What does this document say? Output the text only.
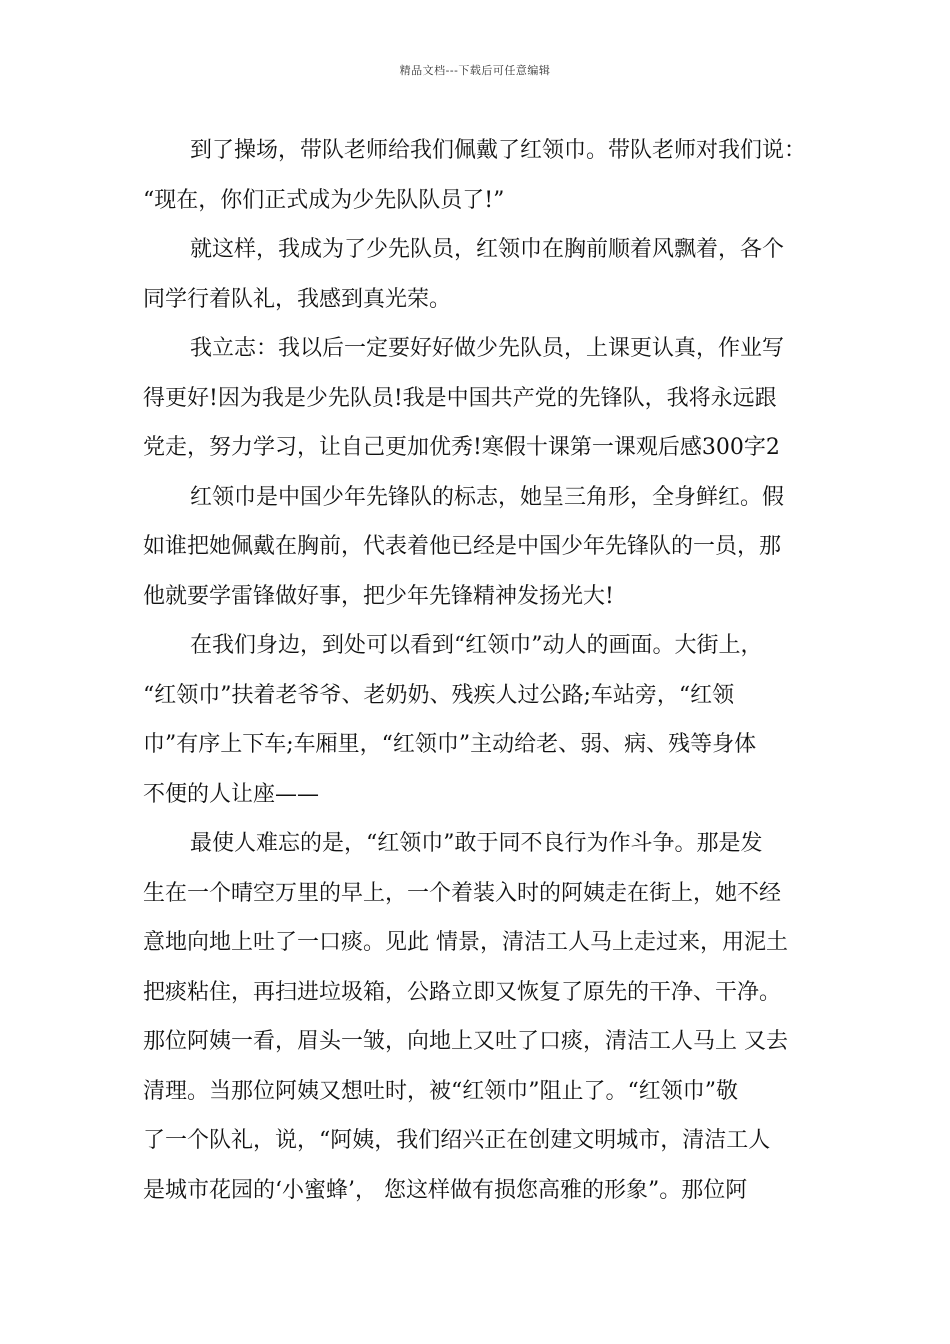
精品文档---下载后可任意编辑
到了操场，带队老师给我们佩戴了红领巾。带队老师对我们说：
“现在，你们正式成为少先队队员了!”
就这样，我成为了少先队员，红领巾在胸前顺着风飘着，各个
同学行着队礼，我感到真光荣。
我立志：我以后一定要好好做少先队员，上课更认真，作业写
得更好!因为我是少先队员!我是中国共产党的先锋队，我将永远跟
党走，努力学习，让自己更加优秀!寒假十课第一课观后感300字2
红领巾是中国少年先锋队的标志，她呈三角形，全身鲜红。假
如谁把她佩戴在胸前，代表着他已经是中国少年先锋队的一员，那
他就要学雷锋做好事，把少年先锋精神发扬光大!
在我们身边，到处可以看到“红领巾”动人的画面。大街上，
“红领巾”扶着老爷爷、老奶奶、残疾人过公路;车站旁，“红领
巾”有序上下车;车厢里，“红领巾”主动给老、弱、病、残等身体
不便的人让座——
最使人难忘的是，“红领巾”敢于同不良行为作斗争。那是发
生在一个晴空万里的早上，一个着装入时的阿姨走在街上，她不经
意地向地上吐了一口痰。见此 情景，清洁工人马上走过来，用泥土
把痰粘住，再扫进垃圾箱，公路立即又恢复了原先的干净、干净。
那位阿姨一看，眉头一皱，向地上又吐了口痰，清洁工人马上 又去
清理。当那位阿姨又想吐时，被“红领巾”阻止了。“红领巾”敬
了一个队礼，说，“阿姨，我们绍兴正在创建文明城市，清洁工人
是城市花园的‘小蜜蜂’， 您这样做有损您高雅的形象”。那位阿
